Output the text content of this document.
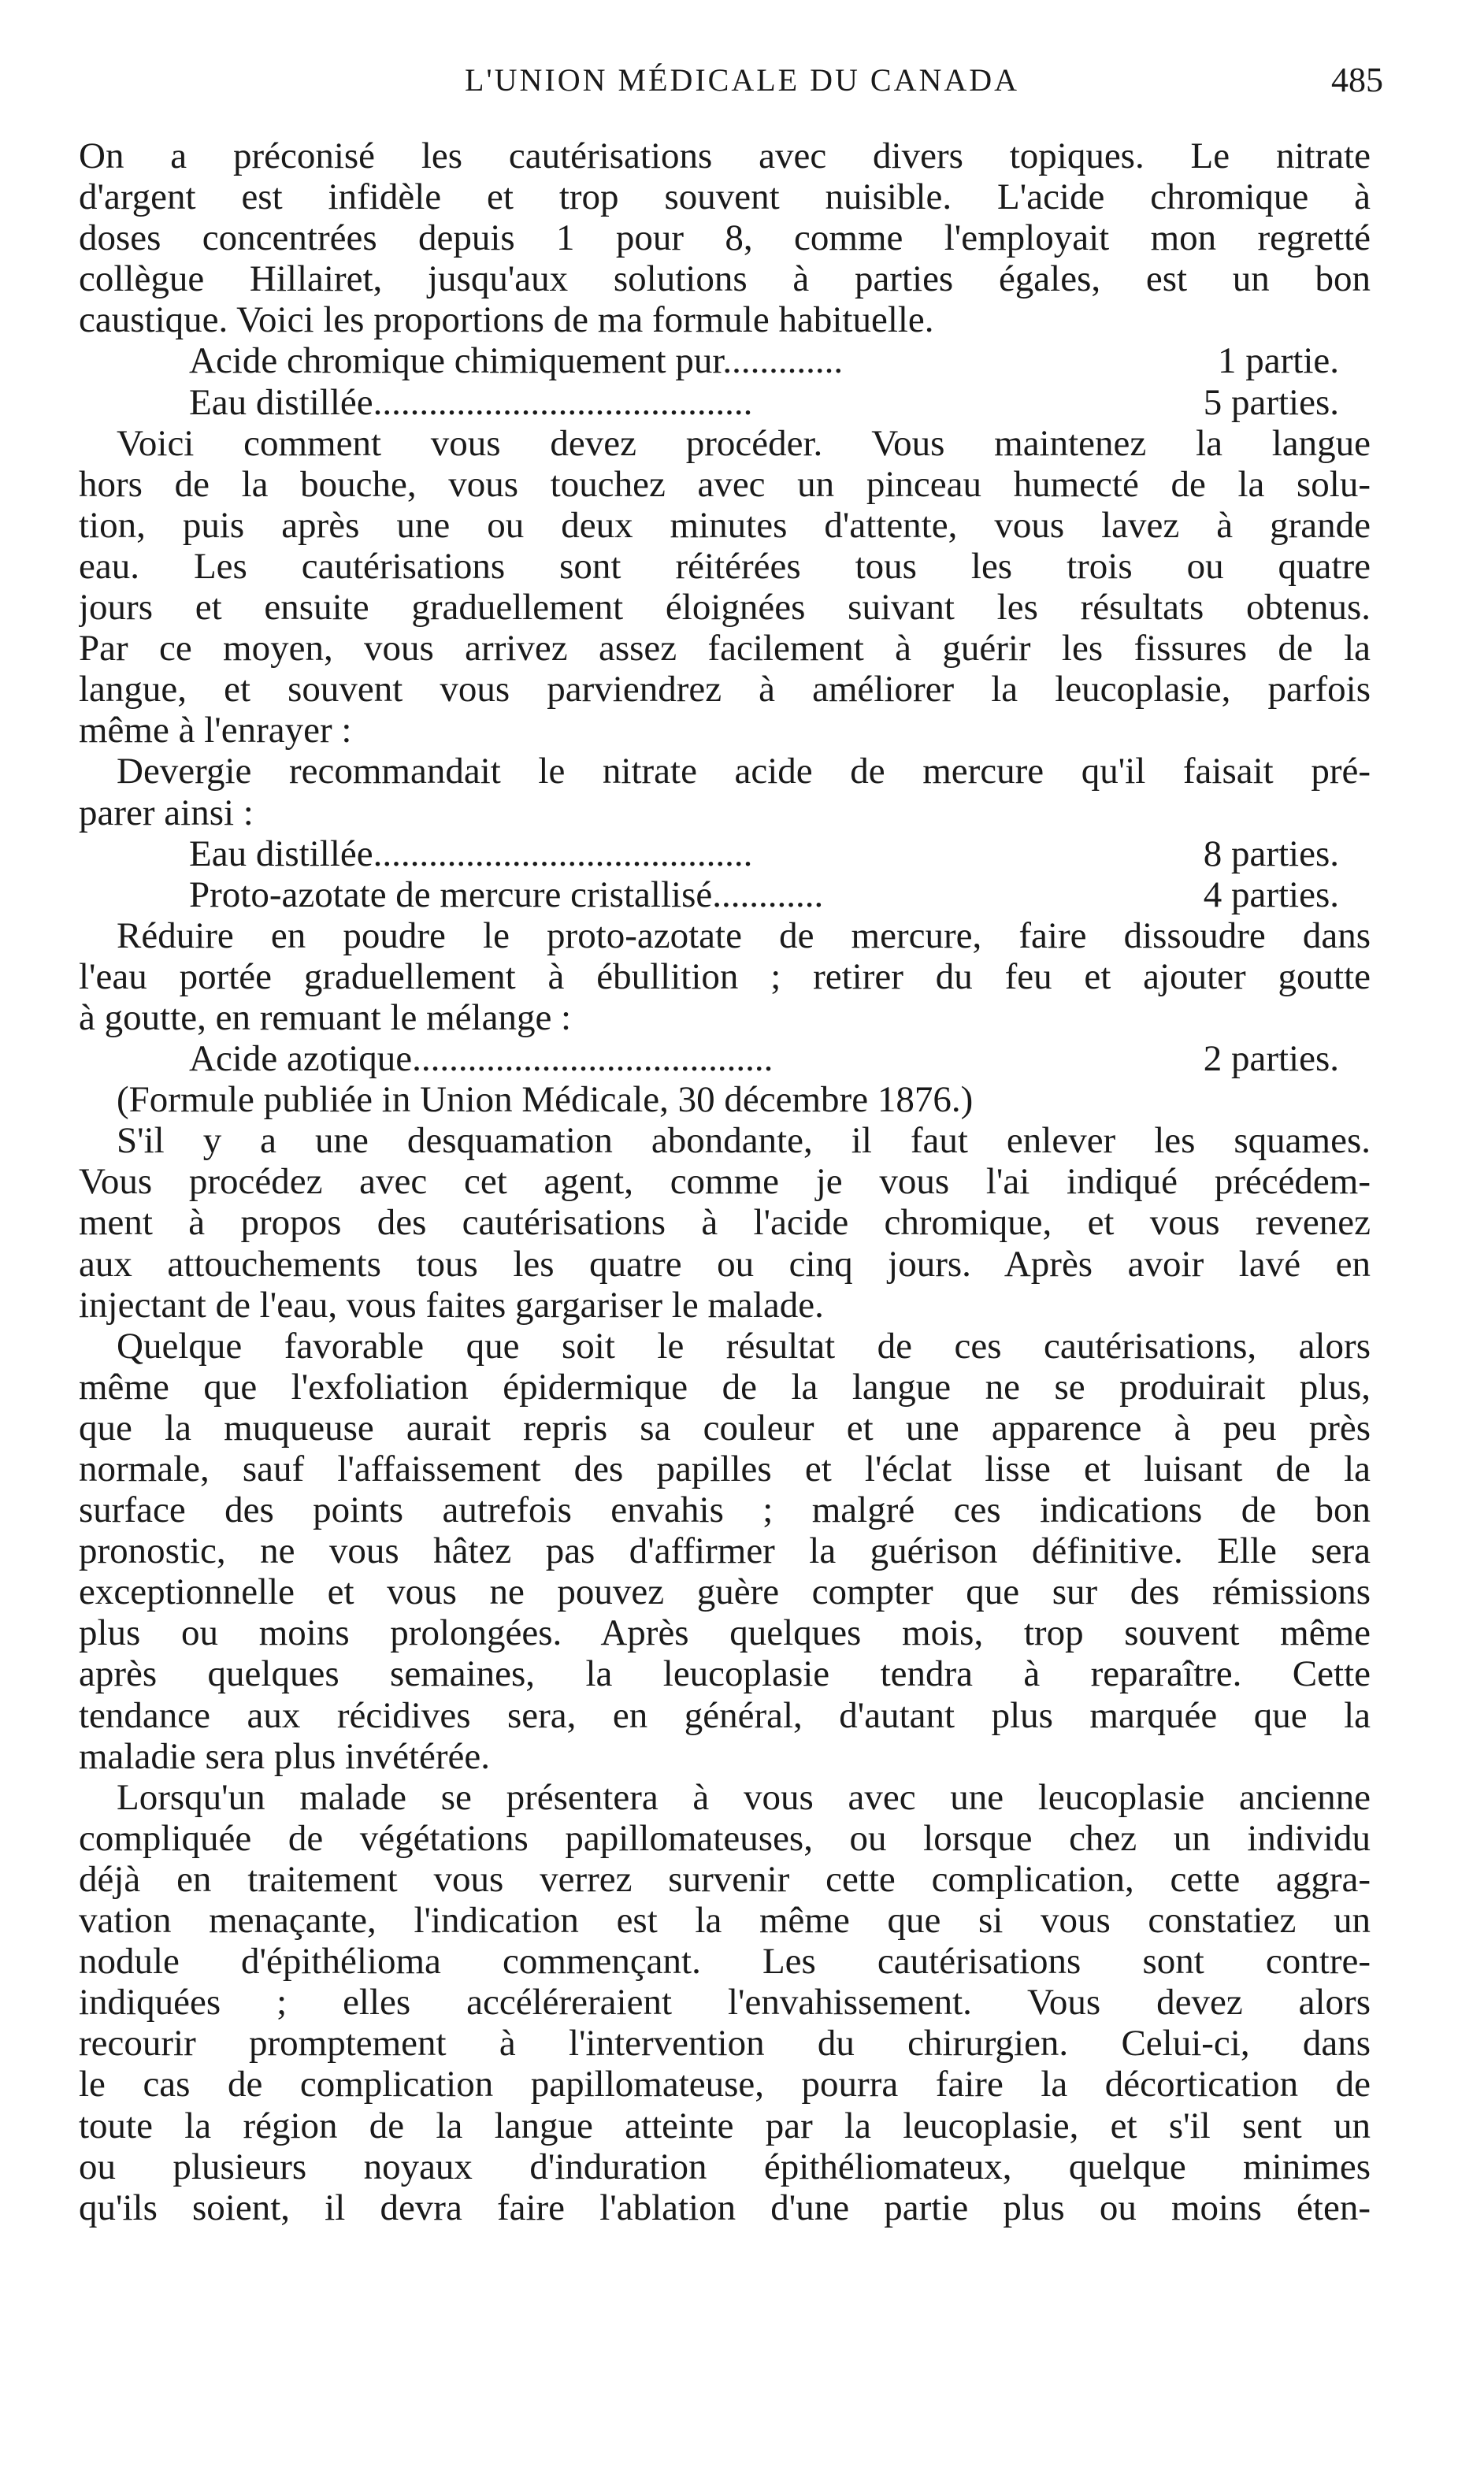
L'UNION MÉDICALE DU CANADA	485
On a préconisé les cautérisations avec divers topiques. Le nitrate
d'argent est infidèle et trop souvent nuisible. L'acide chromique à
doses concentrées depuis 1 pour 8, comme l'employait mon regretté
collègue Hillairet, jusqu'aux solutions à parties égales, est un bon
caustique. Voici les proportions de ma formule habituelle.
Acide chromique chimiquement pur.............	1 partie.
Eau distillée.........................................	5 parties.
Voici comment vous devez procéder. Vous maintenez la langue
hors de la bouche, vous touchez avec un pinceau humecté de la solu-
tion, puis après une ou deux minutes d'attente, vous lavez à grande
eau. Les cautérisations sont réitérées tous les trois ou quatre
jours et ensuite graduellement éloignées suivant les résultats obtenus.
Par ce moyen, vous arrivez assez facilement à guérir les fissures de la
langue, et souvent vous parviendrez à améliorer la leucoplasie, parfois
même à l'enrayer :
Devergie recommandait le nitrate acide de mercure qu'il faisait pré-
parer ainsi :
Eau distillée.........................................	8 parties.
Proto-azotate de mercure cristallisé............	4 parties.
Réduire en poudre le proto-azotate de mercure, faire dissoudre dans
l'eau portée graduellement à ébullition ; retirer du feu et ajouter goutte
à goutte, en remuant le mélange :
Acide azotique.......................................	2 parties.
(Formule publiée in Union Médicale, 30 décembre 1876.)
S'il y a une desquamation abondante, il faut enlever les squames.
Vous procédez avec cet agent, comme je vous l'ai indiqué précédem-
ment à propos des cautérisations à l'acide chromique, et vous revenez
aux attouchements tous les quatre ou cinq jours. Après avoir lavé en
injectant de l'eau, vous faites gargariser le malade.
Quelque favorable que soit le résultat de ces cautérisations, alors
même que l'exfoliation épidermique de la langue ne se produirait plus,
que la muqueuse aurait repris sa couleur et une apparence à peu près
normale, sauf l'affaissement des papilles et l'éclat lisse et luisant de la
surface des points autrefois envahis ; malgré ces indications de bon
pronostic, ne vous hâtez pas d'affirmer la guérison définitive. Elle sera
exceptionnelle et vous ne pouvez guère compter que sur des rémissions
plus ou moins prolongées. Après quelques mois, trop souvent même
après quelques semaines, la leucoplasie tendra à reparaître. Cette
tendance aux récidives sera, en général, d'autant plus marquée que la
maladie sera plus invétérée.
Lorsqu'un malade se présentera à vous avec une leucoplasie ancienne
compliquée de végétations papillomateuses, ou lorsque chez un individu
déjà en traitement vous verrez survenir cette complication, cette aggra-
vation menaçante, l'indication est la même que si vous constatiez un
nodule d'épithélioma commençant. Les cautérisations sont contre-
indiquées ; elles accéléreraient l'envahissement. Vous devez alors
recourir promptement à l'intervention du chirurgien. Celui-ci, dans
le cas de complication papillomateuse, pourra faire la décortication de
toute la région de la langue atteinte par la leucoplasie, et s'il sent un
ou plusieurs noyaux d'induration épithéliomateux, quelque minimes
qu'ils soient, il devra faire l'ablation d'une partie plus ou moins éten-
